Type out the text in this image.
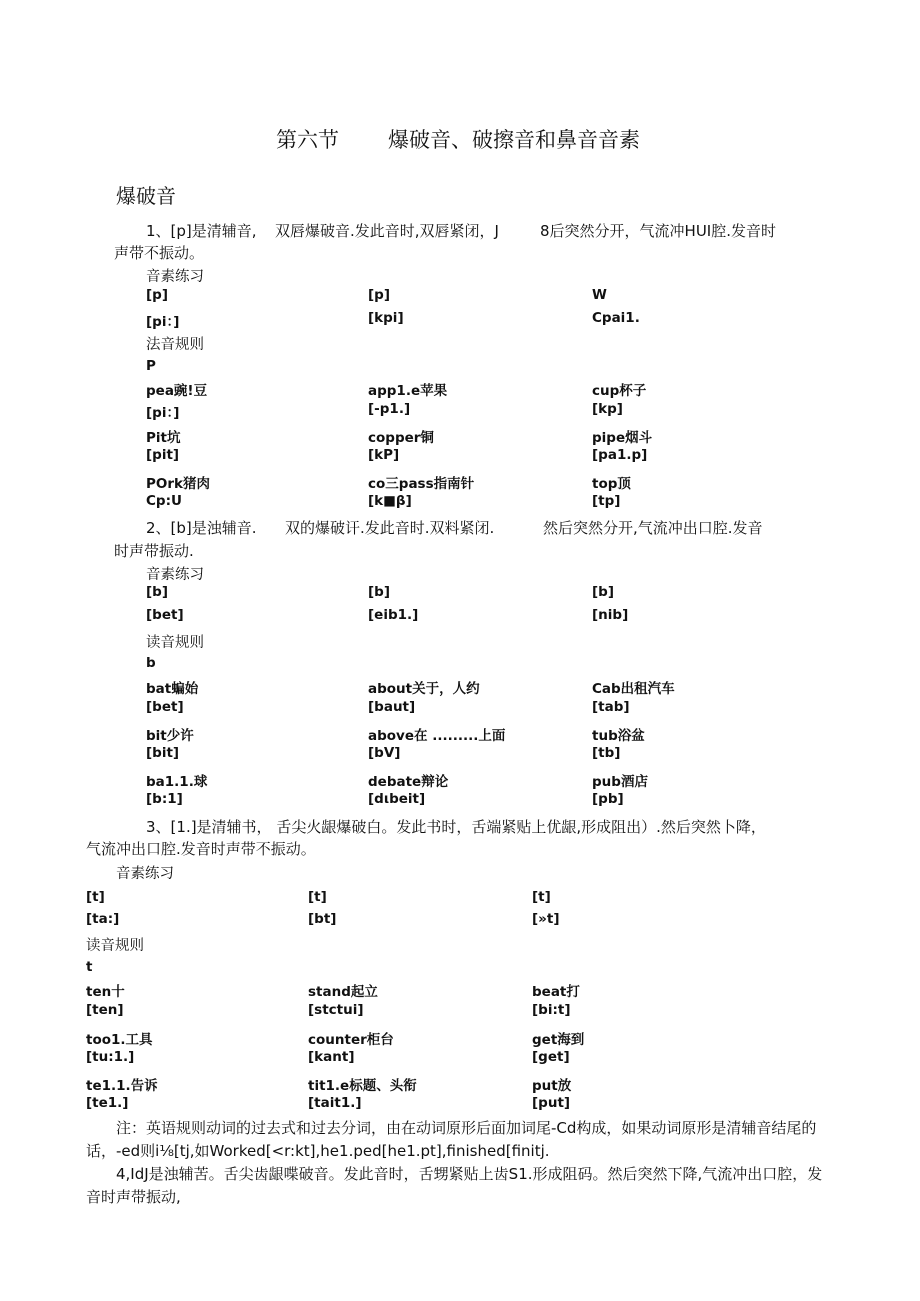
第六节 爆破音、破擦音和鼻音音素
爆破音
1、[p]是清辅音, 双唇爆破音.发此音时,双唇紧闭，J	8后突然分开，气流冲HUI腔.发音时
声带不振动。
音素练习
[p]	[p]	W
[pi：]	[kpi]	Cpai1.
法音规则
P
pea豌!豆	app1.e苹果	cup杯子
[pi：]	[-p1.]	[kp]
Pit坑	copper铜	pipe烟斗
[pit]	[kP]	[pa1.p]
POrk猪肉	co三pass指南针	top顶
Cp:U	[k■β]	[tp]
2、[b]是浊辅音. 双的爆破讦.发此音时.双料紧闭.	然后突然分开,气流冲出口腔.发音
时声带振动.
音素练习
[b]	[b]	[b]
[bet]	[eib1.]	[nib]
读音规则
b
bat蝙始	about关于，人约	Cab出租汽车
[bet]	[baut]	[tab]
bit少许	above在 .........上面	tub浴盆
[bit]	[bV]	[tb]
ba1.1.球	debate辩论	pub酒店
[b:1]	[dιbeit]	[pb]
3、[1.]是清辅书， 舌尖火龈爆破白。发此书时，舌端紧贴上优龈,形成阻出）.然后突然卜降，
气流冲出口腔.发音时声带不振动。
音素练习
[t]	[t]	[t]
[ta:]	[bt]	[»t]
读音规则
t
ten十	stand起立	beat打
[ten]	[stctui]	[bi:t]
too1.工具	counter柜台	get海到
[tu:1.]	[kant]	[get]
te1.1.告诉	tit1.e标题、头衔	put放
[te1.]	[tait1.]	[put]
注：英语规则动词的过去式和过去分词，由在动词原形后面加词尾-Cd构成，如果动词原形是清辅音结尾的
话，-ed则i⅛[tj,如Worked[<r:kt],he1.ped[he1.pt],finished[finitj.
4,IdJ是浊辅苦。舌尖齿龈喋破音。发此音时，舌甥紧贴上齿S1.形成阻码。然后突然下降,气流冲出口腔，发
音时声带振动,
